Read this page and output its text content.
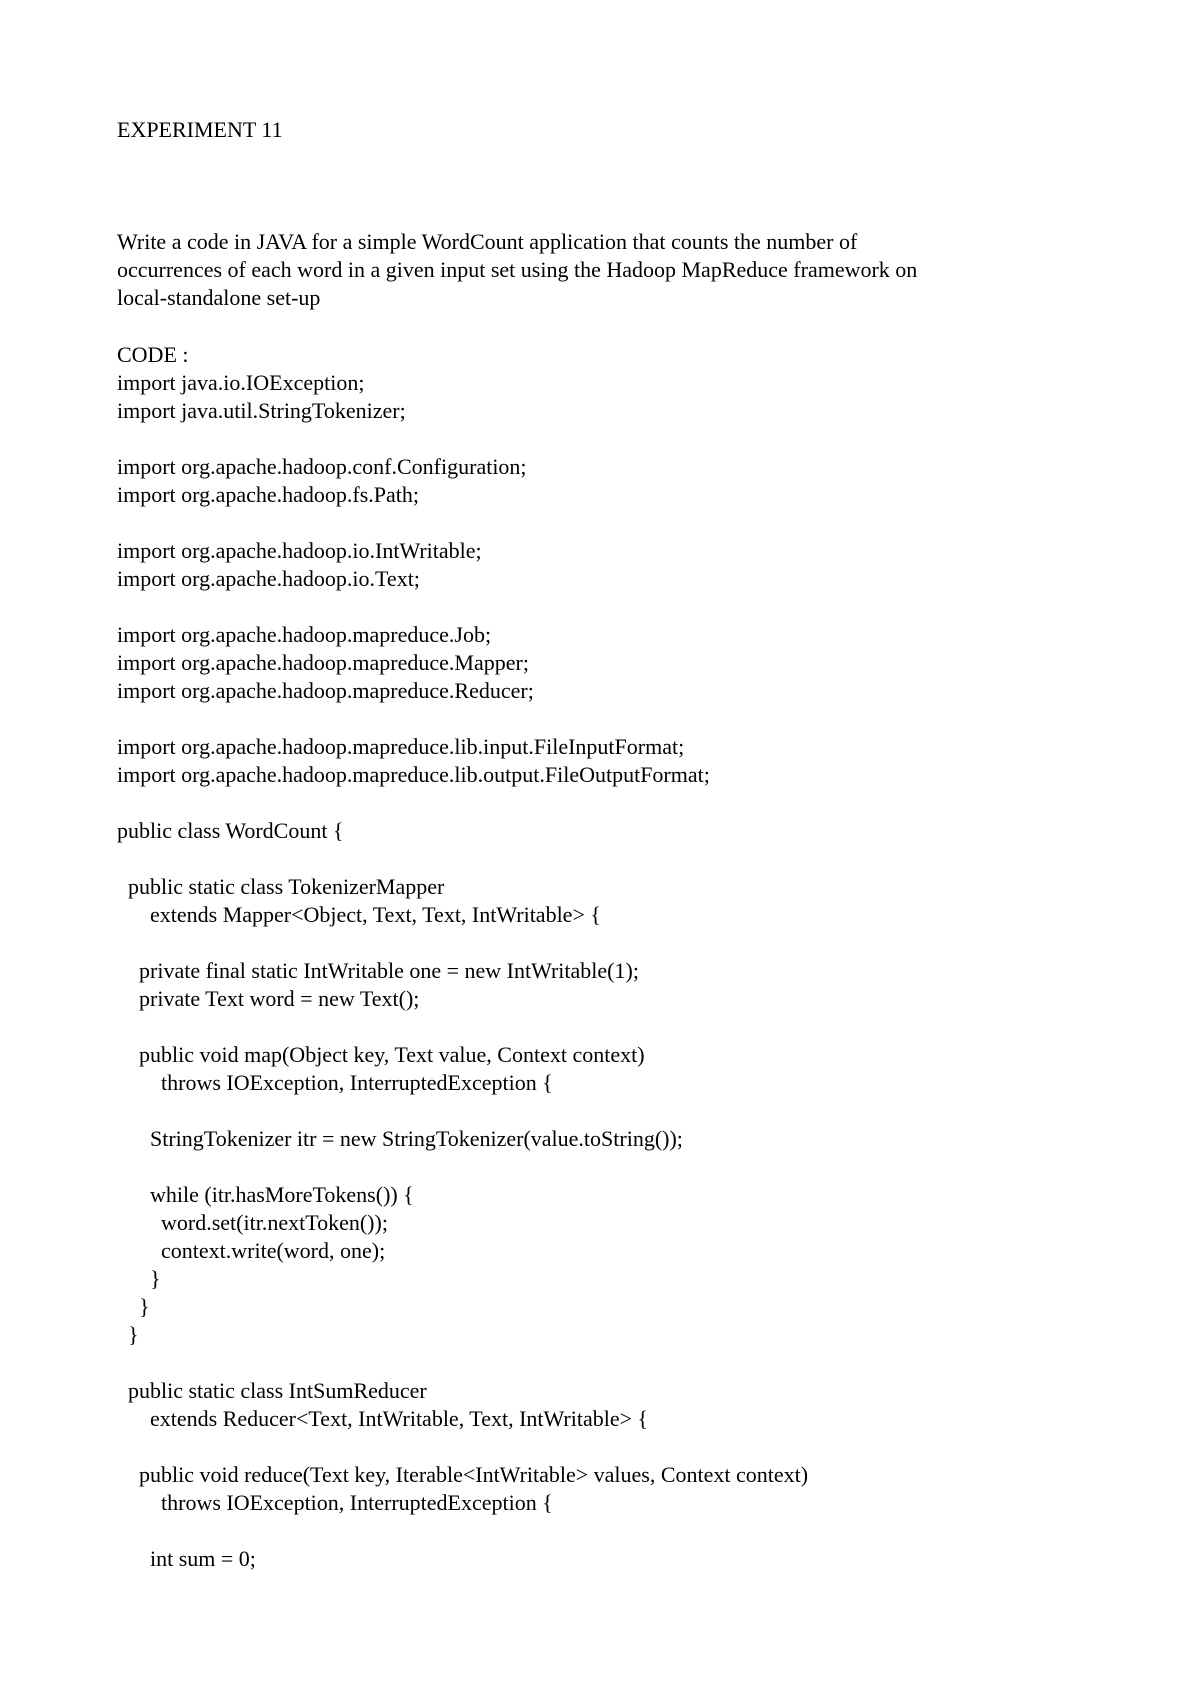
EXPERIMENT 11
Write a code in JAVA for a simple WordCount application that counts the number of
occurrences of each word in a given input set using the Hadoop MapReduce framework on
local-standalone set-up
CODE :
import java.io.IOException;
import java.util.StringTokenizer;
import org.apache.hadoop.conf.Configuration;
import org.apache.hadoop.fs.Path;
import org.apache.hadoop.io.IntWritable;
import org.apache.hadoop.io.Text;
import org.apache.hadoop.mapreduce.Job;
import org.apache.hadoop.mapreduce.Mapper;
import org.apache.hadoop.mapreduce.Reducer;
import org.apache.hadoop.mapreduce.lib.input.FileInputFormat;
import org.apache.hadoop.mapreduce.lib.output.FileOutputFormat;
public class WordCount {
public static class TokenizerMapper
extends Mapper<Object, Text, Text, IntWritable> {
private final static IntWritable one = new IntWritable(1);
private Text word = new Text();
public void map(Object key, Text value, Context context)
throws IOException, InterruptedException {
StringTokenizer itr = new StringTokenizer(value.toString());
while (itr.hasMoreTokens()) {
word.set(itr.nextToken());
context.write(word, one);
}
}
}
public static class IntSumReducer
extends Reducer<Text, IntWritable, Text, IntWritable> {
public void reduce(Text key, Iterable<IntWritable> values, Context context)
throws IOException, InterruptedException {
int sum = 0;
